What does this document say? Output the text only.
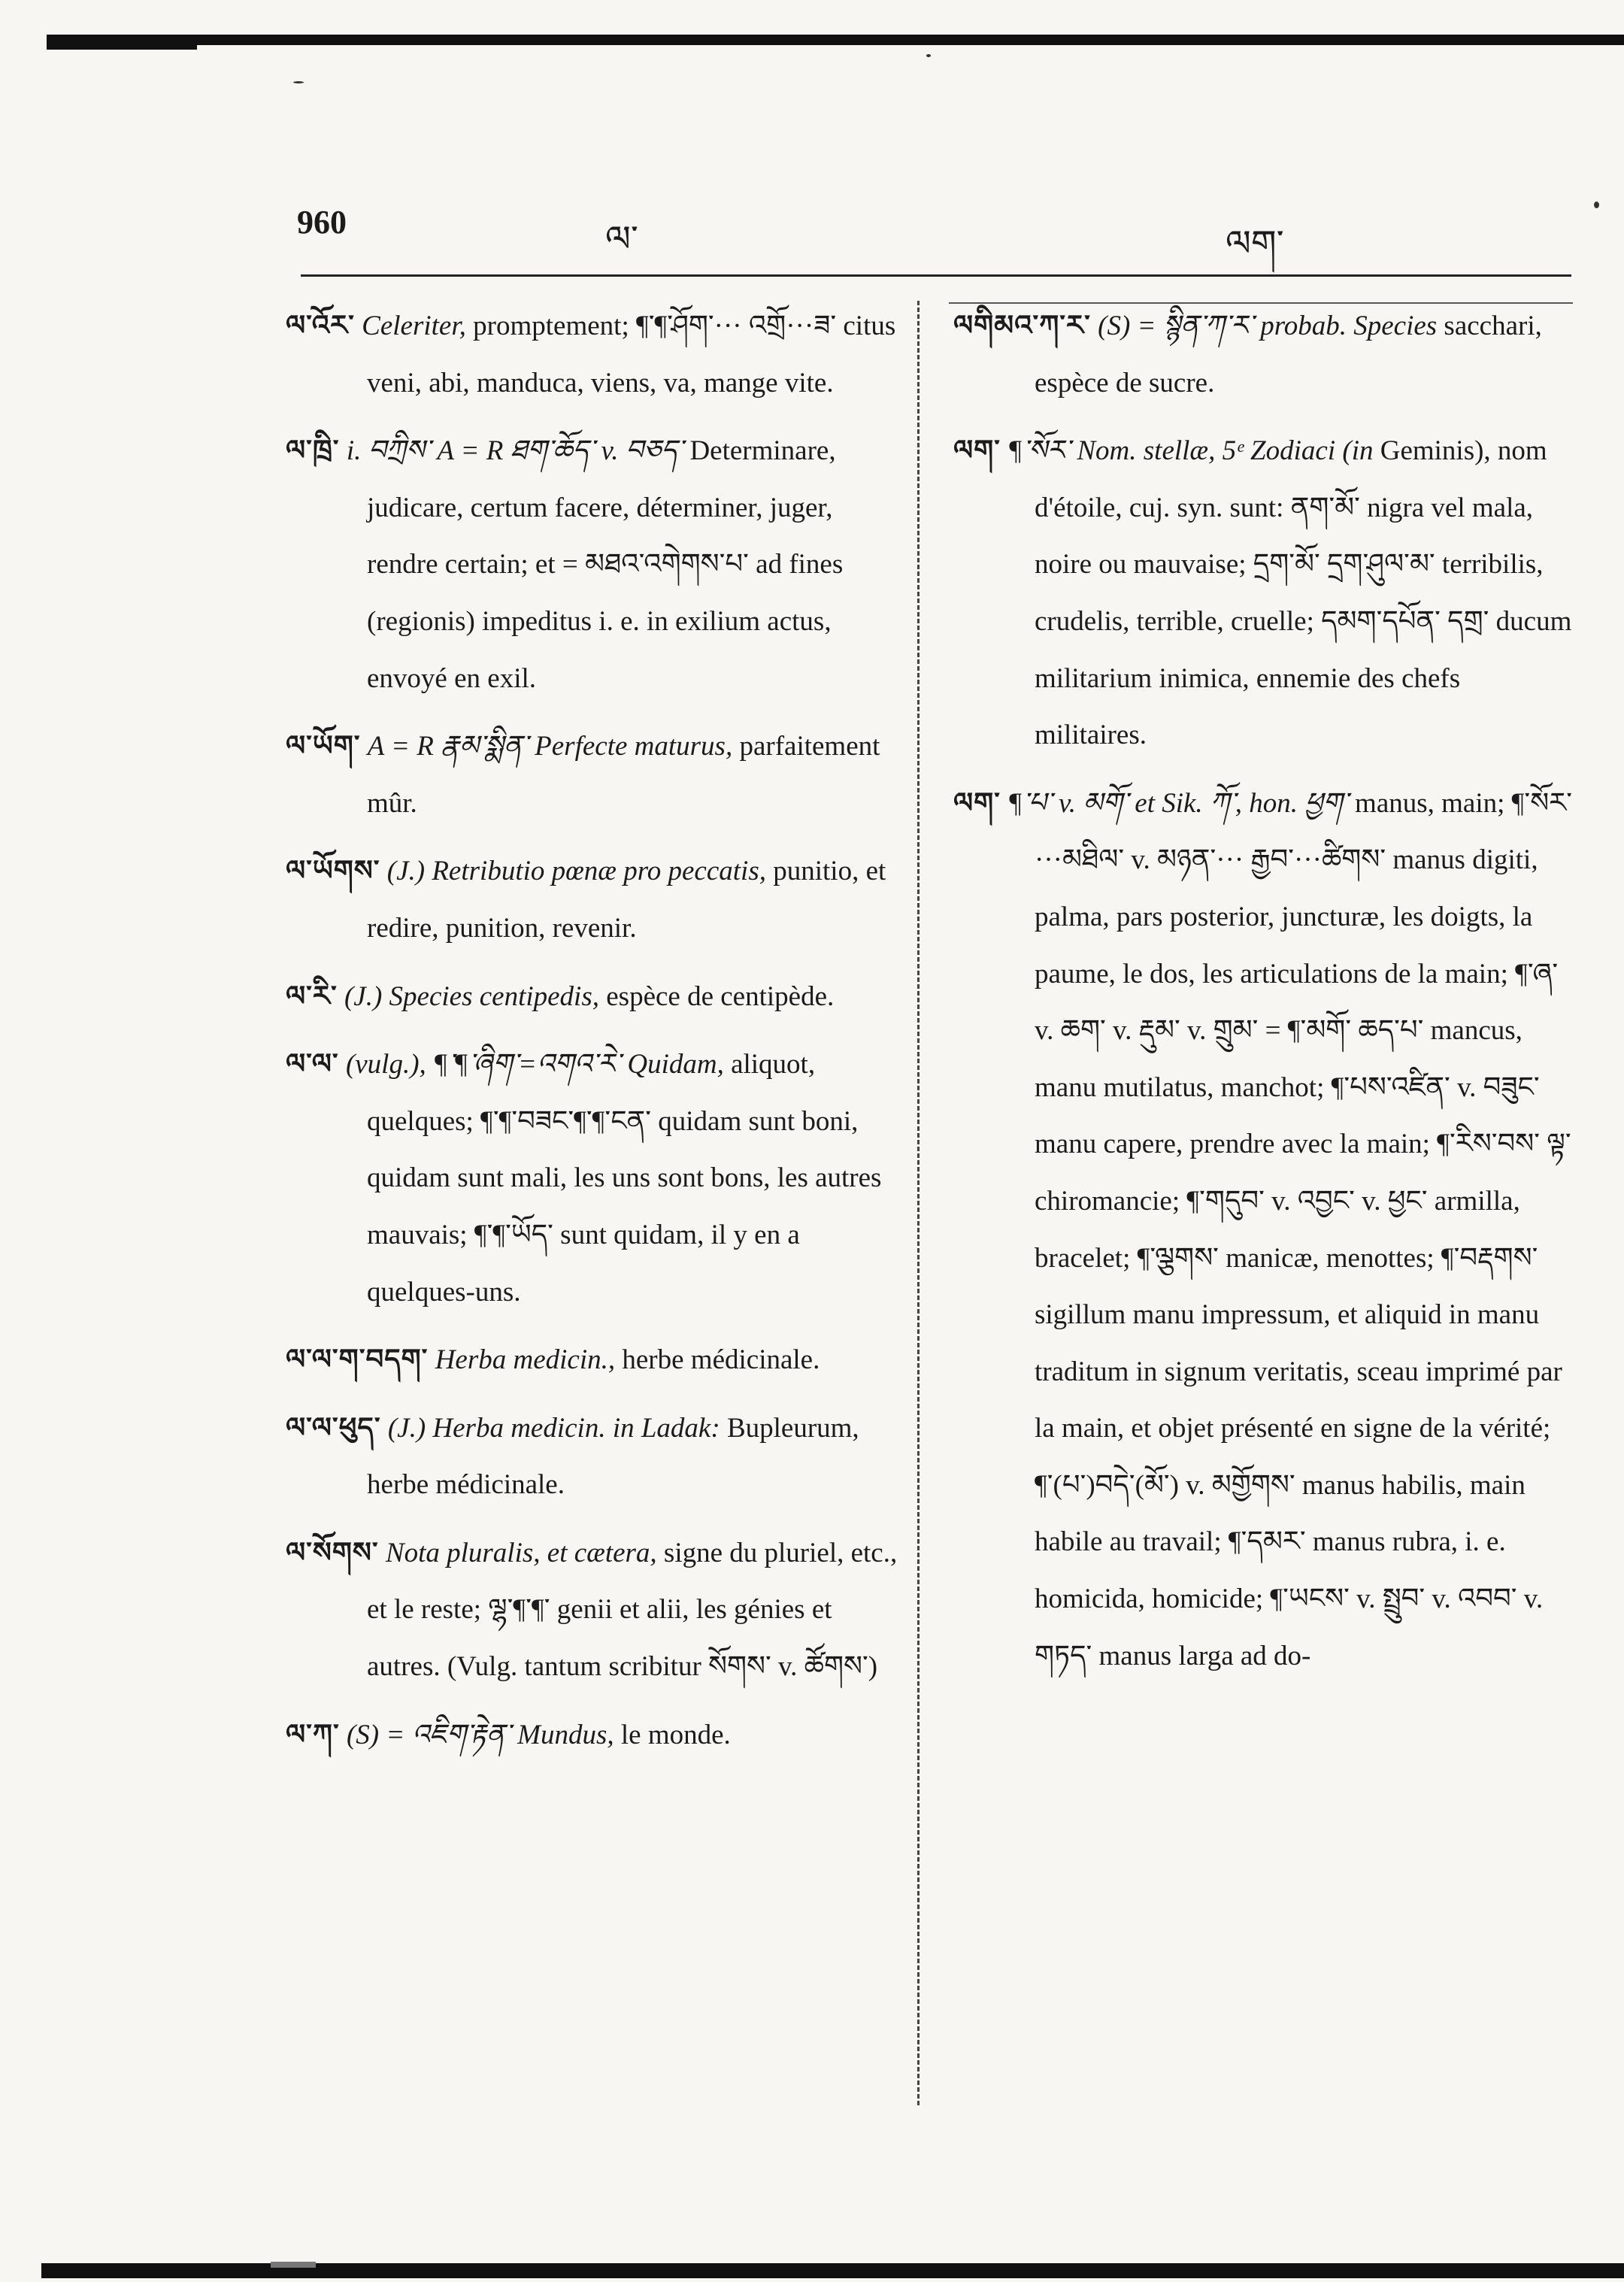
960	ལ་	ལག་

ལ་འོར་ Celeriter, promptement; ¶་¶་ཤོག་··· འགྲོ···ཟ་ citus veni, abi, manduca, viens, va, mange vite.

ལ་ཁྲི་ i. བཀྲིས་ A = R ཐག་ཆོད་ v. བཅད་ Determinare, judicare, certum facere, déterminer, juger, rendre certain; et = མཐའ་འགེགས་པ་ ad fines (regionis) impeditus i. e. in exilium actus, envoyé en exil.

ལ་ཡོག་ A = R རྣམ་སྨིན་ Perfecte maturus, parfaitement mûr.

ལ་ཡོགས་ (J.) Retributio pœnæ pro peccatis, punitio, et redire, punition, revenir.

ལ་རི་ (J.) Species centipedis, espèce de centipède.

ལ་ལ་ (vulg.), ¶་¶་ཞིག་=འགའ་རེ་ Quidam, aliquot, quelques; ¶་¶་བཟང་¶་¶་ངན་ quidam sunt boni, quidam sunt mali, les uns sont bons, les autres mauvais; ¶་¶་ཡོད་ sunt quidam, il y en a quelques-uns.

ལ་ལ་ག་བདག་ Herba medicin., herbe médicinale.

ལ་ལ་ཕུད་ (J.) Herba medicin. in Ladak: Bupleurum, herbe médicinale.

ལ་སོགས་ Nota pluralis, et cætera, signe du pluriel, etc., et le reste; ལྷ་¶་¶་ genii et alii, les génies et autres. (Vulg. tantum scribitur སོགས་ v. ཚོགས་)

ལ་ཀ་ (S) = འཇིག་རྟེན་ Mundus, le monde.

ལགིམའ་ཀ་ར་ (S) = སྙིན་ཀ་ར་ probab. Species sacchari, espèce de sucre.

ལག་ ¶་སོར་ Nom. stellæ, 5ᵉ Zodiaci (in Geminis), nom d'étoile, cuj. syn. sunt: ནག་མོ་ nigra vel mala, noire ou mauvaise; དྲག་མོ་ དྲག་ཤུལ་མ་ terribilis, crudelis, terrible, cruelle; དམག་དཔོན་ དགྲ་ ducum militarium inimica, ennemie des chefs militaires.

ལག་ ¶་པ་ v. མགོ་ et Sik. ཀོ་, hon. ཕྱག་ manus, main; ¶་སོར་···མཐིལ་ v. མཉན་··· རྒྱབ་···ཚིགས་ manus digiti, palma, pars posterior, juncturæ, les doigts, la paume, le dos, les articulations de la main; ¶་ཞ་ v. ཆག་ v. རྡུམ་ v. གྲུམ་ = ¶་མགོ་ ཆད་པ་ mancus, manu mutilatus, manchot; ¶་པས་འཛིན་ v. བཟུང་ manu capere, prendre avec la main; ¶་རིས་བས་ ལྟ་ chiromancie; ¶་གདུབ་ v. འབྱང་ v. ཕྱང་ armilla, bracelet; ¶་ལྕགས་ manicæ, menottes; ¶་བརྡགས་ sigillum manu impressum, et aliquid in manu traditum in signum veritatis, sceau imprimé par la main, et objet présenté en signe de la vérité; ¶་(པ་)བདེ་(མོ་) v. མགྱོགས་ manus habilis, main habile au travail; ¶་དམར་ manus rubra, i. e. homicida, homicide; ¶་ཡངས་ v. སྤྲུབ་ v. འབབ་ v. གཏད་ manus larga ad do-
